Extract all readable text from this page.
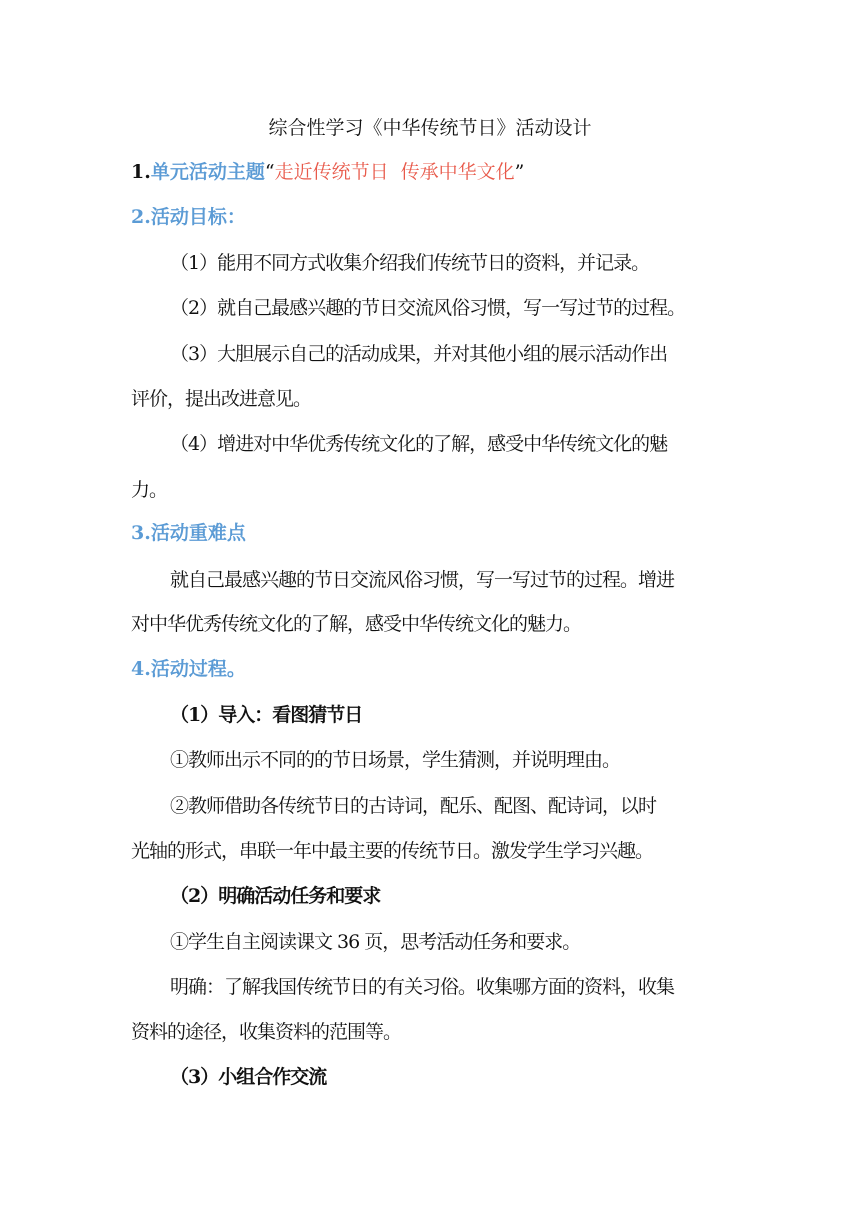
综合性学习《中华传统节日》活动设计
1.单元活动主题“走近传统节日  传承中华文化”
2.活动目标：
（1）能用不同方式收集介绍我们传统节日的资料，并记录。
（2）就自己最感兴趣的节日交流风俗习惯，写一写过节的过程。
（3）大胆展示自己的活动成果，并对其他小组的展示活动作出
评价，提出改进意见。
（4）增进对中华优秀传统文化的了解，感受中华传统文化的魅
力。
3.活动重难点
就自己最感兴趣的节日交流风俗习惯，写一写过节的过程。增进
对中华优秀传统文化的了解，感受中华传统文化的魅力。
4.活动过程。
（1）导入：看图猜节日
①教师出示不同的的节日场景，学生猜测，并说明理由。
②教师借助各传统节日的古诗词，配乐、配图、配诗词，以时
光轴的形式，串联一年中最主要的传统节日。激发学生学习兴趣。
（2）明确活动任务和要求
①学生自主阅读课文 36 页，思考活动任务和要求。
明确：了解我国传统节日的有关习俗。收集哪方面的资料，收集
资料的途径，收集资料的范围等。
（3）小组合作交流
